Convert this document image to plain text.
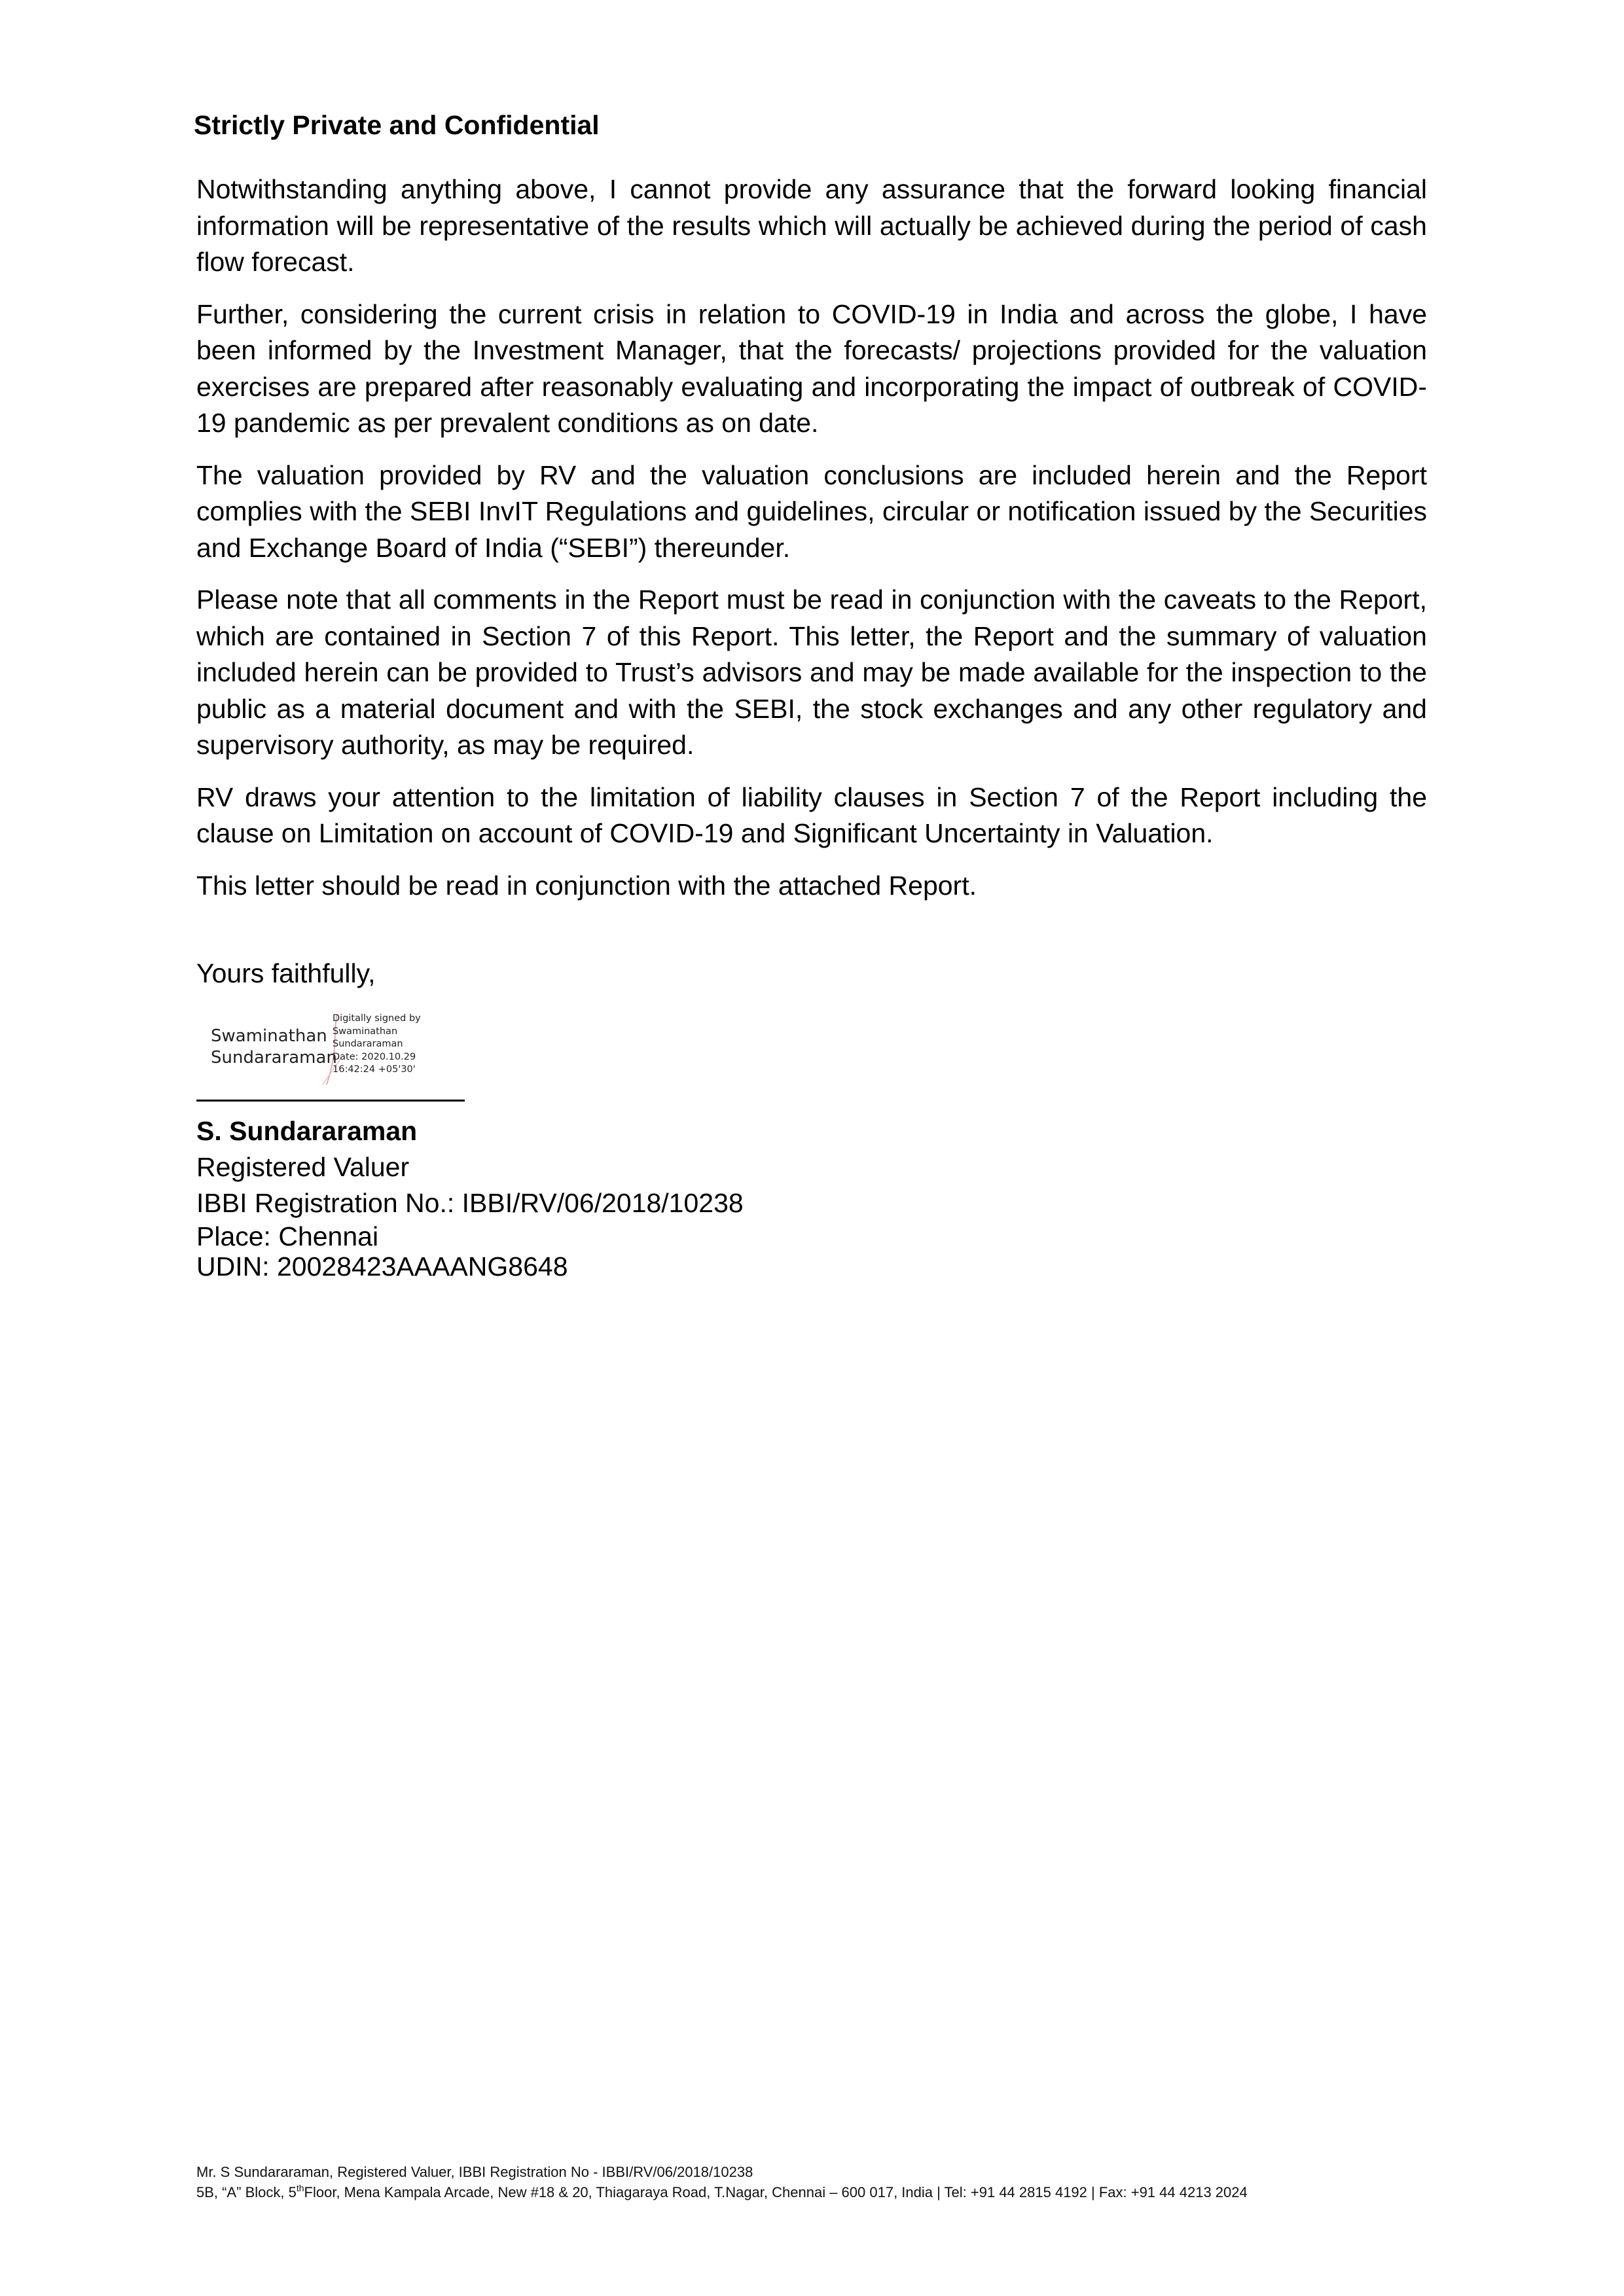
Strictly Private and Confidential

Notwithstanding anything above, I cannot provide any assurance that the forward looking financial information will be representative of the results which will actually be achieved during the period of cash flow forecast.

Further, considering the current crisis in relation to COVID-19 in India and across the globe, I have been informed by the Investment Manager, that the forecasts/ projections provided for the valuation exercises are prepared after reasonably evaluating and incorporating the impact of outbreak of COVID-19 pandemic as per prevalent conditions as on date.

The valuation provided by RV and the valuation conclusions are included herein and the Report complies with the SEBI InvIT Regulations and guidelines, circular or notification issued by the Securities and Exchange Board of India (“SEBI”) thereunder.

Please note that all comments in the Report must be read in conjunction with the caveats to the Report, which are contained in Section 7 of this Report. This letter, the Report and the summary of valuation included herein can be provided to Trust’s advisors and may be made available for the inspection to the public as a material document and with the SEBI, the stock exchanges and any other regulatory and supervisory authority, as may be required.

RV draws your attention to the limitation of liability clauses in Section 7 of the Report including the clause on Limitation on account of COVID-19 and Significant Uncertainty in Valuation.

This letter should be read in conjunction with the attached Report.

Yours faithfully,
Swaminathan
Sundararaman
Digitally signed by
Swaminathan
Sundararaman
Date: 2020.10.29
16:42:24 +05'30'
S. Sundararaman
Registered Valuer
IBBI Registration No.: IBBI/RV/06/2018/10238
Place: Chennai
UDIN: 20028423AAAANG8648
Mr. S Sundararaman, Registered Valuer, IBBI Registration No - IBBI/RV/06/2018/10238
5B, “A” Block, 5thFloor, Mena Kampala Arcade, New #18 & 20, Thiagaraya Road, T.Nagar, Chennai – 600 017, India | Tel: +91 44 2815 4192 | Fax: +91 44 4213 2024
